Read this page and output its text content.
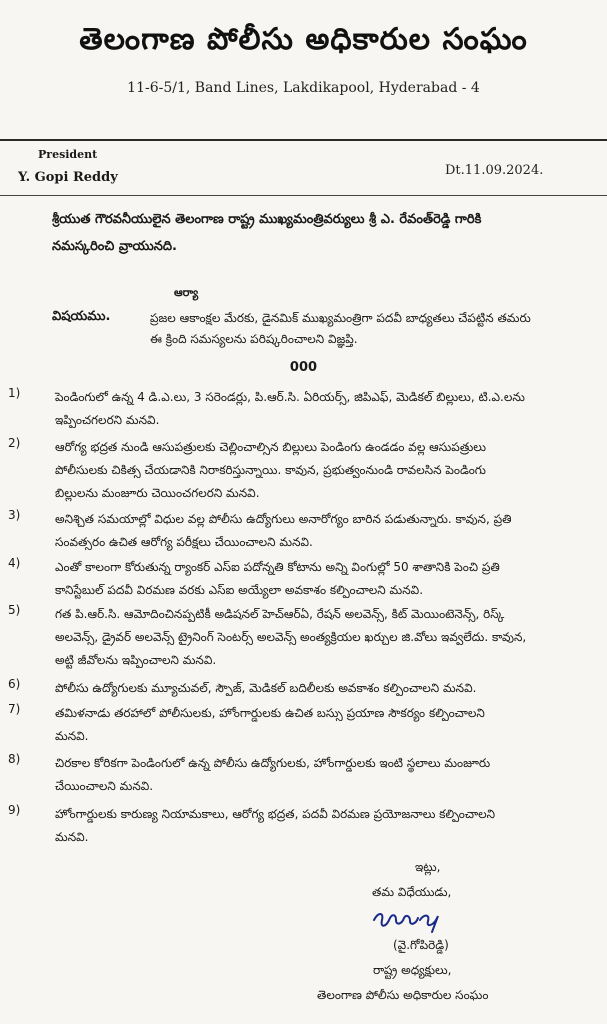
తెలంగాణ పోలీసు అధికారుల సంఘం
11-6-5/1, Band Lines, Lakdikapool, Hyderabad - 4
President
Y. Gopi Reddy	Dt.11.09.2024.
శ్రీయుత గౌరవనీయులైన తెలంగాణ రాష్ట్ర ముఖ్యమంత్రివర్యులు శ్రీ ఎ. రేవంత్‌రెడ్డి గారికి
నమస్కరించి వ్రాయునది.
ఆర్యా
విషయము.	ప్రజల ఆకాంక్షల మేరకు, డైనమిక్ ముఖ్యమంత్రిగా పదవీ బాధ్యతలు చేపట్టిన తమరు
ఈ క్రింది సమస్యలను పరిష్కరించాలని విజ్ఞప్తి.
000
1)	పెండింగులో ఉన్న 4 డి.ఎ.లు, 3 సరెండర్లు, పి.ఆర్.సి. ఏరియర్స్, జిపిఎఫ్, మెడికల్ బిల్లులు, టి.ఎ.లను
ఇప్పించగలరని మనవి.
2)	ఆరోగ్య భద్రత నుండి ఆసుపత్రులకు చెల్లించాల్సిన బిల్లులు పెండింగు ఉండడం వల్ల ఆసుపత్రులు
పోలీసులకు చికిత్స చేయడానికి నిరాకరిస్తున్నాయి. కావున, ప్రభుత్వంనుండి రావలసిన పెండింగు
బిల్లులను మంజూరు చెయించగలరని మనవి.
3)	అనిశ్చిత సమయాల్లో విధుల వల్ల పోలీసు ఉద్యోగులు అనారోగ్యం బారిన పడుతున్నారు. కావున, ప్రతి
సంవత్సరం ఉచిత ఆరోగ్య పరీక్షలు చేయించాలని మనవి.
4)	ఎంతో కాలంగా కోరుతున్న ర్యాంకర్ ఎస్ఐ పదోన్నతి కోటాను అన్ని వింగుల్లో 50 శాతానికి పెంచి ప్రతి
కానిస్టేబుల్ పదవీ విరమణ వరకు ఎస్ఐ అయ్యేలా అవకాశం కల్పించాలని మనవి.
5)	గత పి.ఆర్.సి. ఆమోదించినప్పటికీ అడిషనల్ హెచ్ఆర్ఏ, రేషన్ అలవెన్స్, కిట్ మెయింటెనెన్స్, రిస్క్
అలవెన్స్, డ్రైవర్ అలవెన్స్ ట్రైనింగ్ సెంటర్స్ అలవెన్స్ అంత్యక్రియల ఖర్చుల జి.వోలు ఇవ్వలేదు. కావున,
అట్టి జీవోలను ఇప్పించాలని మనవి.
6)	పోలీసు ఉద్యోగులకు మ్యూచువల్, స్పౌజ్, మెడికల్ బదిలీలకు అవకాశం కల్పించాలని మనవి.
7)	తమిళనాడు తరహాలో పోలీసులకు, హోంగార్డులకు ఉచిత బస్సు ప్రయాణ సౌకర్యం కల్పించాలని
మనవి.
8)	చిరకాల కోరికగా పెండింగులో ఉన్న పోలీసు ఉద్యోగులకు, హోంగార్డులకు ఇంటి స్థలాలు మంజూరు
చేయించాలని మనవి.
9)	హోంగార్డులకు కారుణ్య నియామకాలు, ఆరోగ్య భద్రత, పదవీ విరమణ ప్రయోజనాలు కల్పించాలని
మనవి.
ఇట్లు,
తమ విధేయుడు,
(వై.గోపిరెడ్డి)
రాష్ట్ర అధ్యక్షులు,
తెలంగాణ పోలీసు అధికారుల సంఘం
